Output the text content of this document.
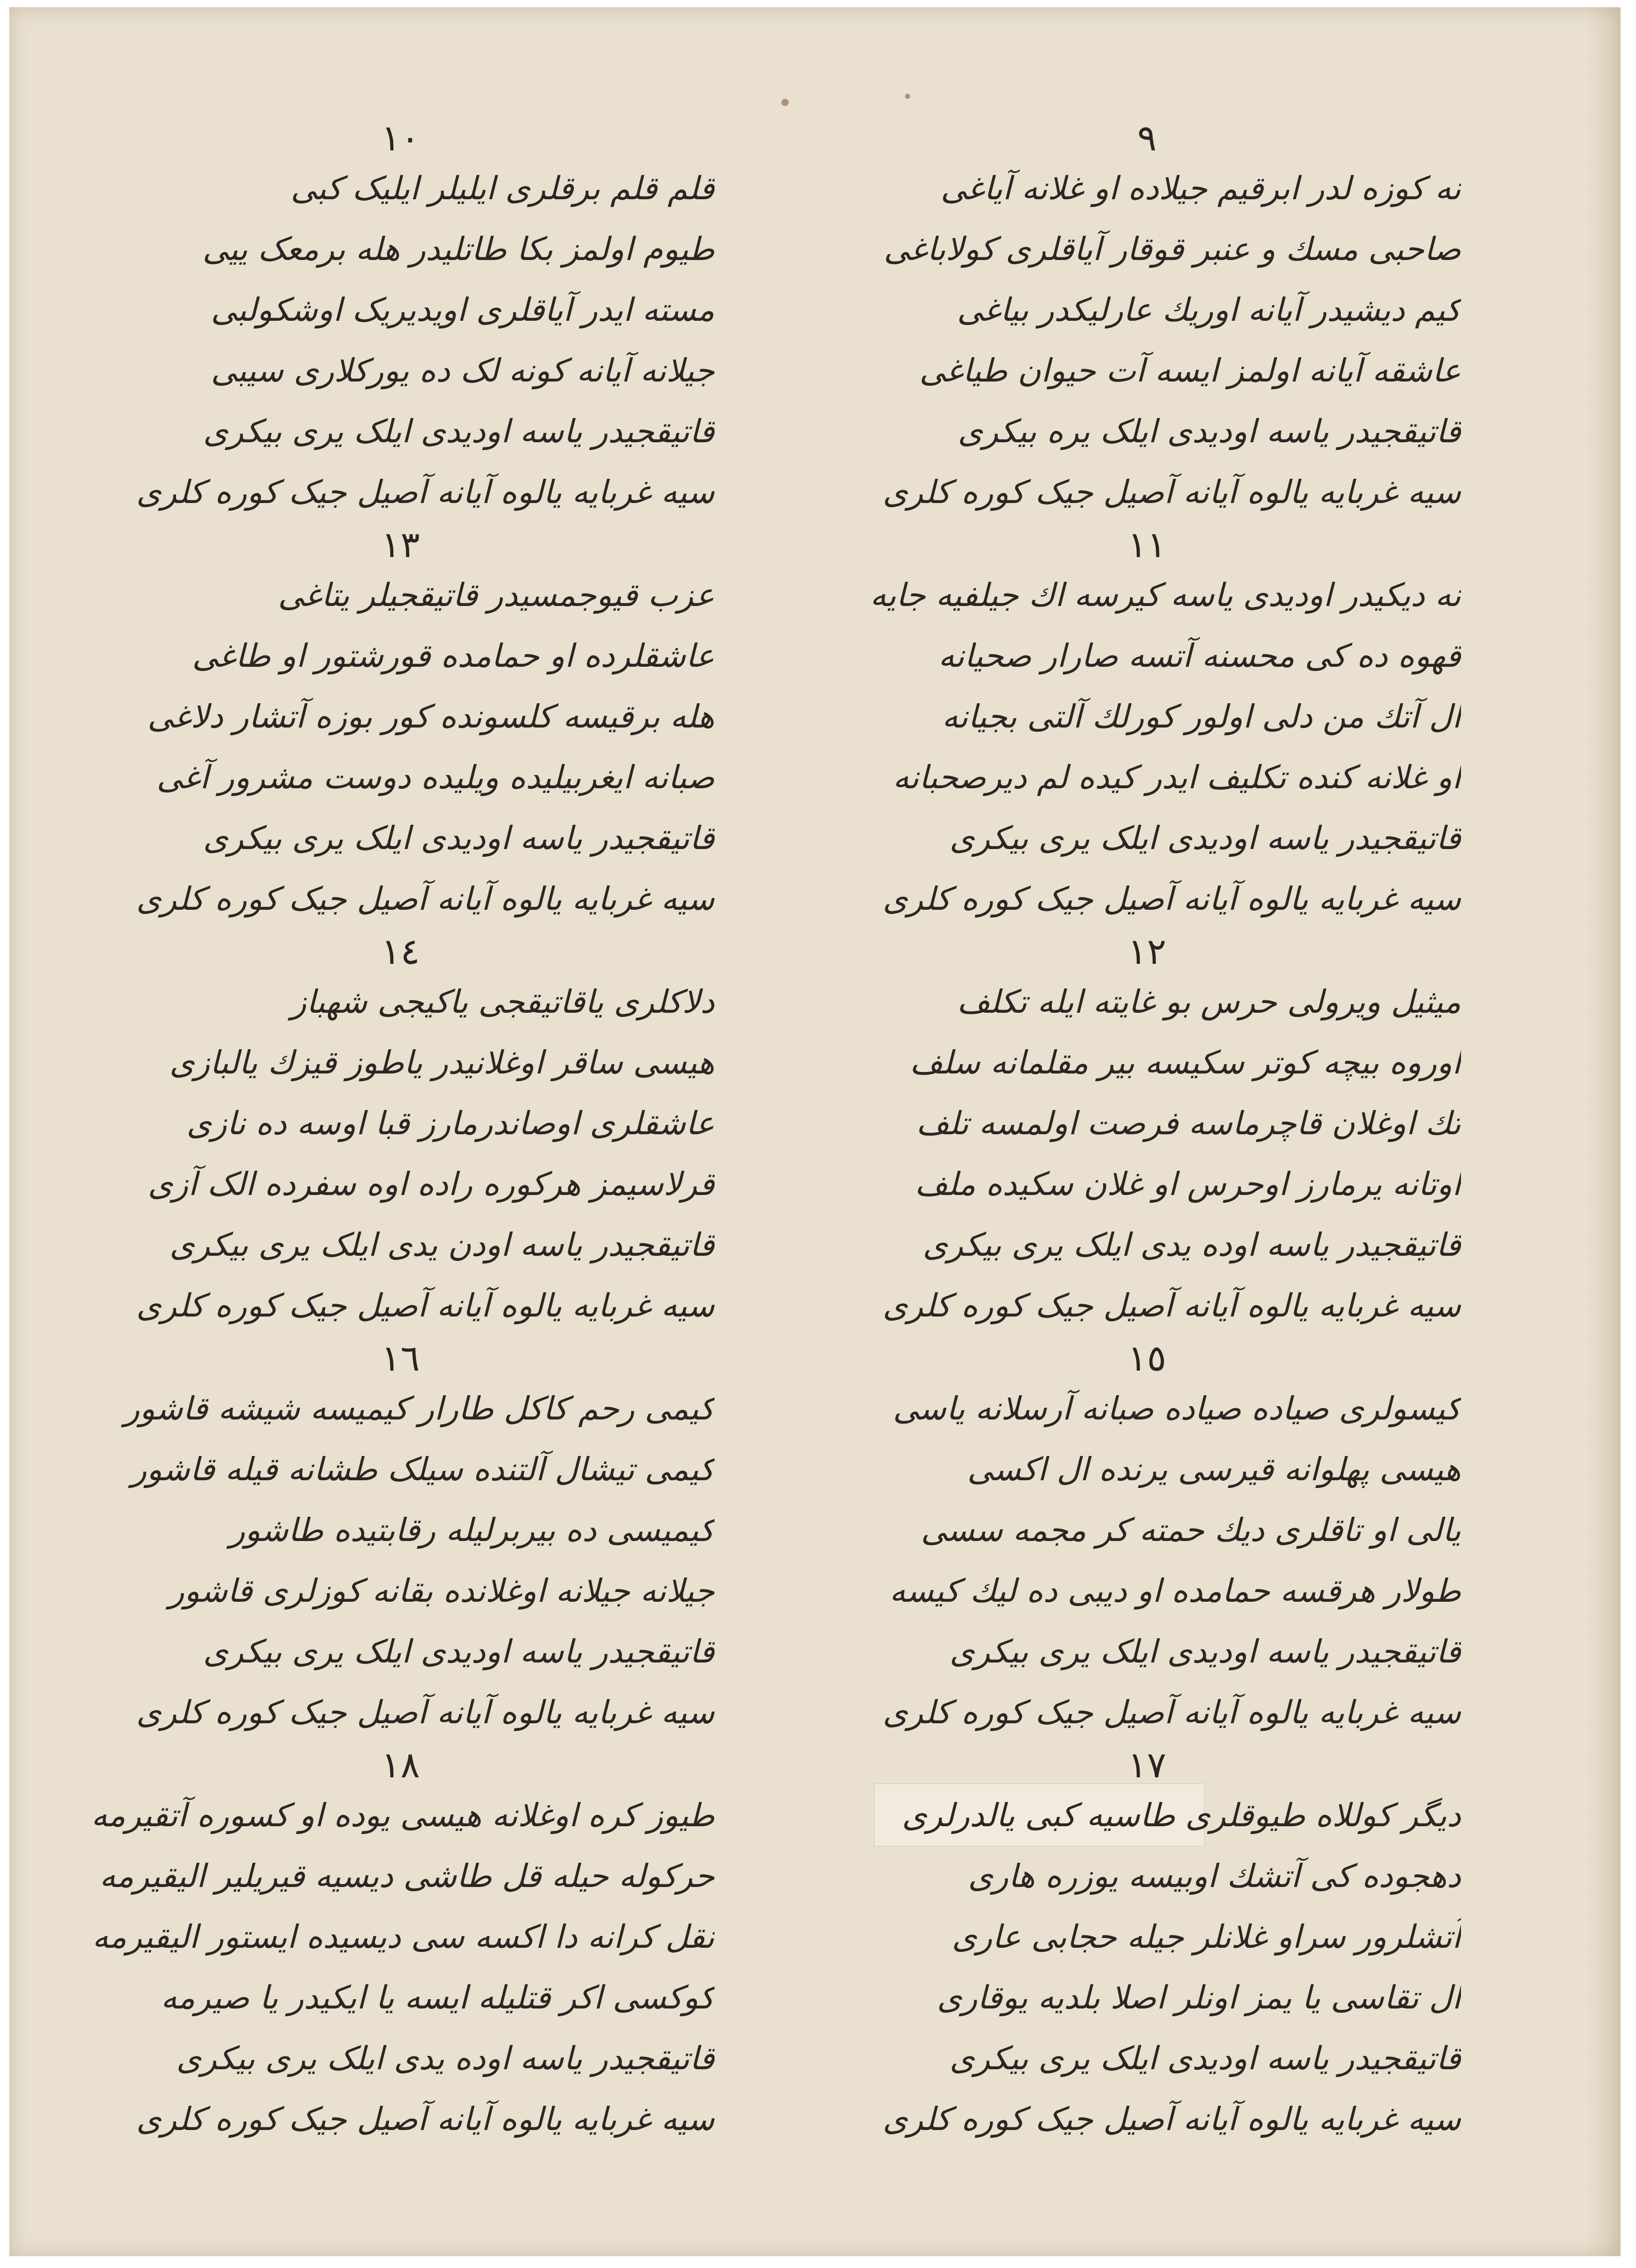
١٠
قلم قلم برقلری ایلیلر ایلیک کبی
طیوم اولمز بکا طاتلیدر هله برمعک ییی
مسته ایدر آیاقلری اویدیریک اوشکولبی
جیلانه آیانه کونه لک ده یورکلاری سیبی
قاتیقجیدر یاسه اودیدی ایلک یری بیکری
سیه غربایه یالوه آیانه آصیل جیک کوره کلری
١٣
عزب قیوجمسیدر قاتیقجیلر یتاغی
عاشقلرده او حمامده قورشتور او طاغی
هله برقیسه کلسونده کور بوزه آتشار دلاغی
صبانه ایغربیلیده ویلیده دوست مشرور آغی
قاتیقجیدر یاسه اودیدی ایلک یری بیکری
سیه غربایه یالوه آیانه آصیل جیک کوره کلری
١٤
دلاکلری یاقاتیقجی یاکیجی شهباز
هیسی ساقر اوغلانیدر یاطوز قیزك یالبازی
عاشقلری اوصاندرمارز قبا اوسه ده نازی
قرلاسیمز هرکوره راده اوه سفرده الک آزی
قاتیقجیدر یاسه اودن یدی ایلک یری بیکری
سیه غربایه یالوه آیانه آصیل جیک کوره کلری
١٦
کیمی رحم کاکل طارار کیمیسه شیشه قاشور
کیمی تیشال آلتنده سیلک طشانه قیله قاشور
کیمیسی ده بیربرلیله رقابتیده طاشور
جیلانه جیلانه اوغلانده بقانه کوزلری قاشور
قاتیقجیدر یاسه اودیدی ایلک یری بیکری
سیه غربایه یالوه آیانه آصیل جیک کوره کلری
١٨
طیوز کره اوغلانه هیسی یوده او کسوره آتقیرمه
حرکوله حیله قل طاشی دیسیه قیریلیر الیقیرمه
نقل کرانه دا اکسه سی دیسیده ایستور الیقیرمه
کوکسی اکر قتلیله ایسه یا ایکیدر یا صیرمه
قاتیقجیدر یاسه اوده یدی ایلک یری بیکری
سیه غربایه یالوه آیانه آصیل جیک کوره کلری
٩
نه کوزه لدر ابرقیم جیلاده او غلانه آیاغی
صاحبی مسك و عنبر قوقار آیاقلری کولاباغی
کیم دیشیدر آیانه اوریك عارلیکدر بیاغی
عاشقه آیانه اولمز ایسه آت حیوان طیاغی
قاتیقجیدر یاسه اودیدی ایلک یره بیکری
سیه غربایه یالوه آیانه آصیل جیک کوره کلری
١١
نه دیکیدر اودیدی یاسه کیرسه اك جیلفیه جایه
قهوه ده کی محسنه آتسه صارار صحیانه
ال آتك من دلی اولور کورلك آلتی بجیانه
او غلانه کنده تکلیف ایدر کیده لم دیرصحبانه
قاتیقجیدر یاسه اودیدی ایلک یری بیکری
سیه غربایه یالوه آیانه آصیل جیک کوره کلری
١٢
میثیل ویرولی حرس بو غایته ایله تکلف
اوروه بیچه کوتر سکیسه بیر مقلمانه سلف
تك اوغلان قاچرماسه فرصت اولمسه تلف
اوتانه یرمارز اوحرس او غلان سکیده ملف
قاتیقجیدر یاسه اوده یدی ایلک یری بیکری
سیه غربایه یالوه آیانه آصیل جیک کوره کلری
١٥
کیسولری صیاده صیاده صبانه آرسلانه یاسی
هیسی پهلوانه قیرسی یرنده ال اکسی
یالی او تاقلری دیك حمته کر مجمه سسی
طولار هرقسه حمامده او دیبی ده لیك کیسه
قاتیقجیدر یاسه اودیدی ایلک یری بیکری
سیه غربایه یالوه آیانه آصیل جیک کوره کلری
١٧
دیگر کوللاه طیوقلری طاسیه کبی یالدرلری
دهجوده کی آتشك اوبیسه یوزره هاری
آتشلرور سراو غلانلر جیله حجابی عاری
ال تقاسی یا یمز اونلر اصلا بلدیه یوقاری
قاتیقجیدر یاسه اودیدی ایلک یری بیکری
سیه غربایه یالوه آیانه آصیل جیک کوره کلری
